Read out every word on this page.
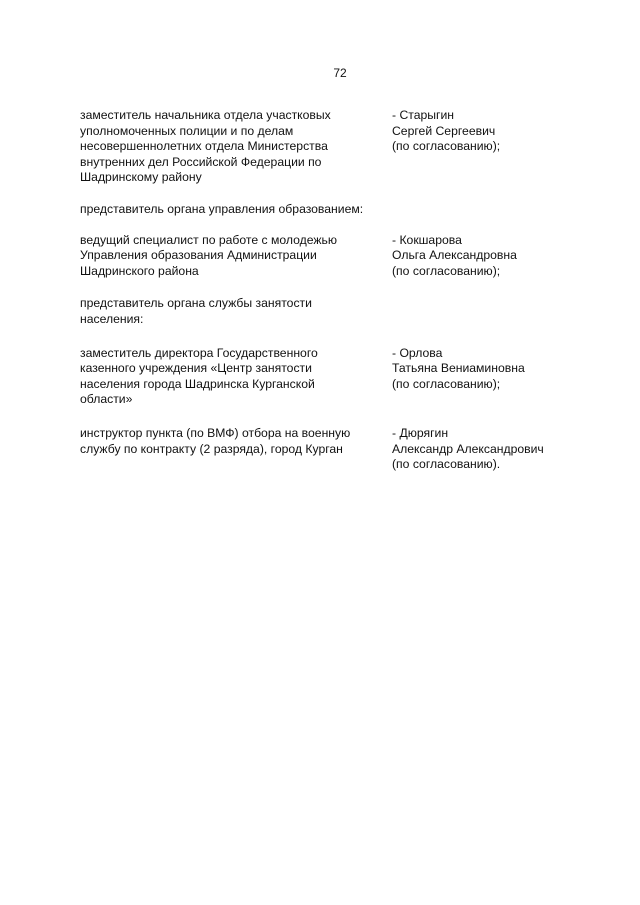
72
заместитель начальника отдела участковых
уполномоченных полиции и по делам
несовершеннолетних отдела Министерства
внутренних дел Российской Федерации по
Шадринскому району
- Старыгин
Сергей Сергеевич
(по согласованию);
представитель органа управления образованием:
ведущий специалист по работе с молодежью
Управления образования Администрации
Шадринского района
- Кокшарова
Ольга Александровна
(по согласованию);
представитель органа службы занятости
населения:
заместитель директора Государственного
казенного учреждения «Центр занятости
населения города Шадринска Курганской
области»
- Орлова
Татьяна Вениаминовна
(по согласованию);
инструктор пункта (по ВМФ) отбора на военную
службу по контракту (2 разряда), город Курган
- Дюрягин
Александр Александрович
(по согласованию).
